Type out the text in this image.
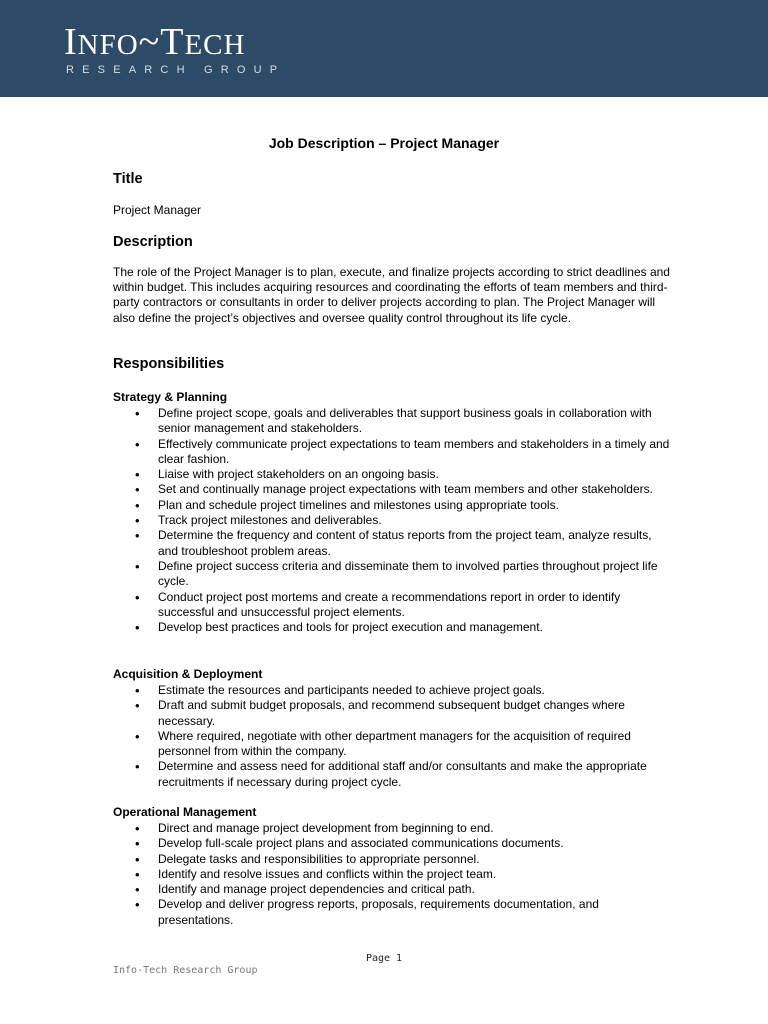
INFO~TECH
RESEARCH GROUP
Job Description – Project Manager
Title
Project Manager
Description
The role of the Project Manager is to plan, execute, and finalize projects according to strict deadlines and within budget. This includes acquiring resources and coordinating the efforts of team members and third-party contractors or consultants in order to deliver projects according to plan. The Project Manager will also define the project’s objectives and oversee quality control throughout its life cycle.
Responsibilities
Strategy & Planning
• Define project scope, goals and deliverables that support business goals in collaboration with senior management and stakeholders.
• Effectively communicate project expectations to team members and stakeholders in a timely and clear fashion.
• Liaise with project stakeholders on an ongoing basis.
• Set and continually manage project expectations with team members and other stakeholders.
• Plan and schedule project timelines and milestones using appropriate tools.
• Track project milestones and deliverables.
• Determine the frequency and content of status reports from the project team, analyze results, and troubleshoot problem areas.
• Define project success criteria and disseminate them to involved parties throughout project life cycle.
• Conduct project post mortems and create a recommendations report in order to identify successful and unsuccessful project elements.
• Develop best practices and tools for project execution and management.
Acquisition & Deployment
• Estimate the resources and participants needed to achieve project goals.
• Draft and submit budget proposals, and recommend subsequent budget changes where necessary.
• Where required, negotiate with other department managers for the acquisition of required personnel from within the company.
• Determine and assess need for additional staff and/or consultants and make the appropriate recruitments if necessary during project cycle.
Operational Management
• Direct and manage project development from beginning to end.
• Develop full-scale project plans and associated communications documents.
• Delegate tasks and responsibilities to appropriate personnel.
• Identify and resolve issues and conflicts within the project team.
• Identify and manage project dependencies and critical path.
• Develop and deliver progress reports, proposals, requirements documentation, and presentations.
Page 1
Info-Tech Research Group
